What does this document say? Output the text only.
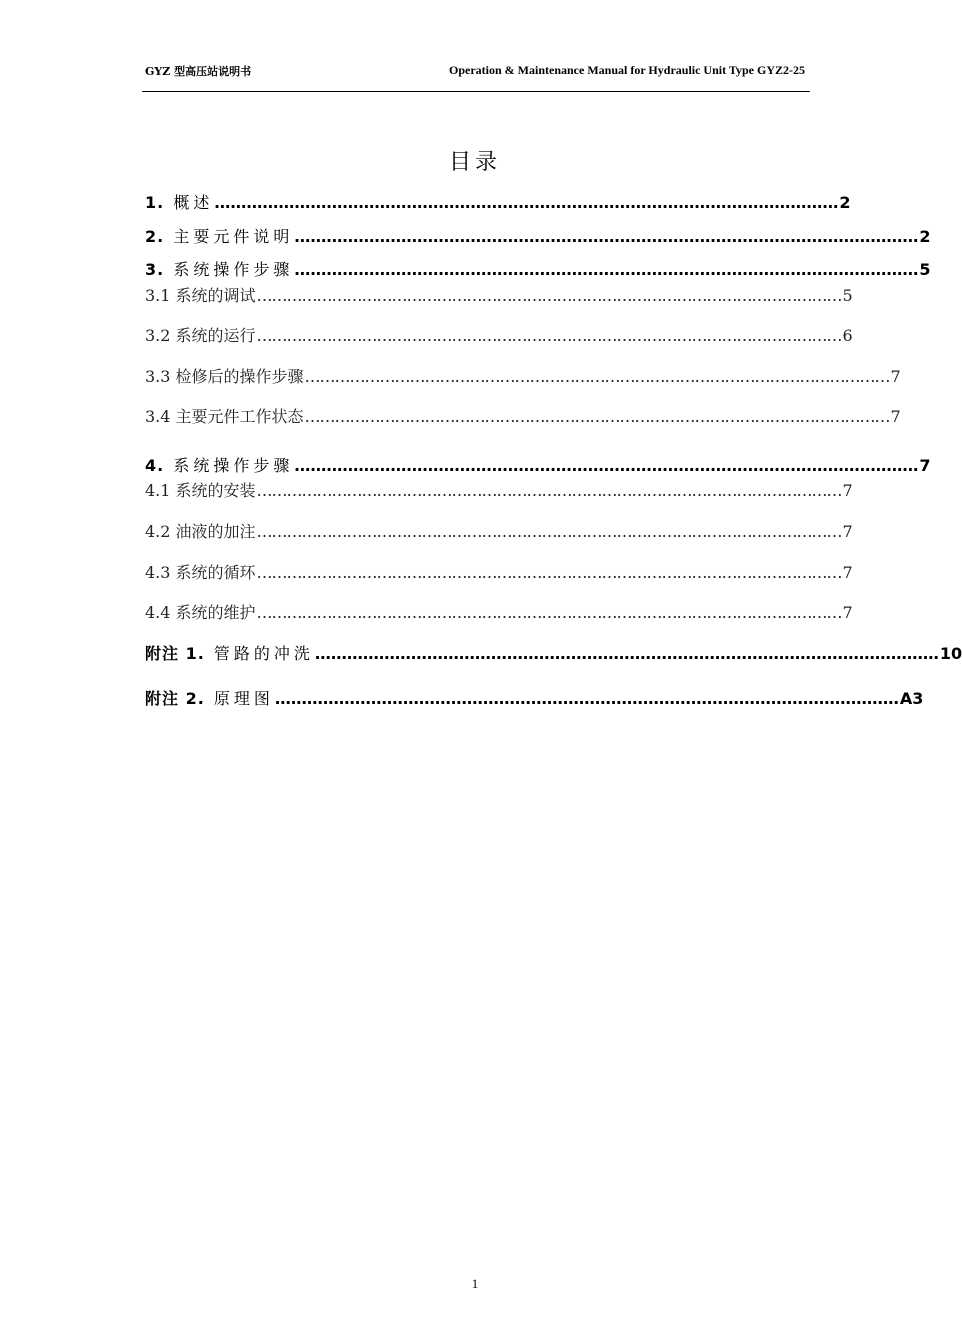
GYZ 型高压站说明书	Operation & Maintenance Manual for Hydraulic Unit Type GYZ2-25
目录
1. 概述 ……………………………………………………………………………………………………… 2
2. 主要元件说明 ……………………………………………………………………………………………………… 2
3. 系统操作步骤 ……………………………………………………………………………………………………… 5
3.1 系统的调试 ……………………………………………………………………………………………………… 5
3.2 系统的运行 ……………………………………………………………………………………………………… 6
3.3 检修后的操作步骤 ……………………………………………………………………………………………………… 7
3.4 主要元件工作状态 ……………………………………………………………………………………………………… 7
4. 系统操作步骤 ……………………………………………………………………………………………………… 7
4.1 系统的安装 ……………………………………………………………………………………………………… 7
4.2 油液的加注 ……………………………………………………………………………………………………… 7
4.3 系统的循环 ……………………………………………………………………………………………………… 7
4.4 系统的维护 ……………………………………………………………………………………………………… 7
附注 1. 管路的冲洗 ……………………………………………………………………………………………………… 10
附注 2. 原理图 ……………………………………………………………………………………………………… A3
1
